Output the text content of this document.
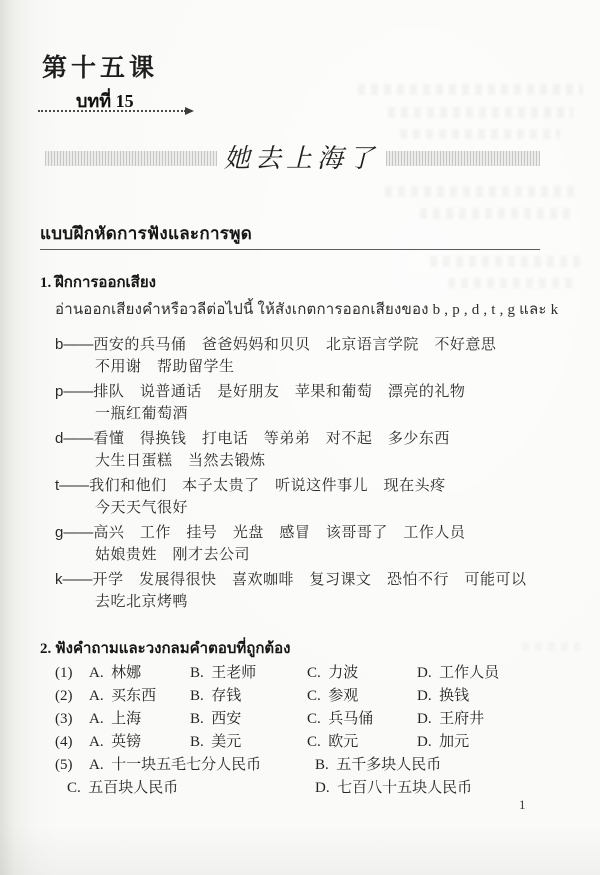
第十五课
บทที่ 15
她去上海了
แบบฝึกหัดการฟังและการพูด
1. ฝึกการออกเสียง
อ่านออกเสียงคำหรือวลีต่อไปนี้ ให้สังเกตการออกเสียงของ b , p , d , t , g และ k

b——西安的兵马俑　爸爸妈妈和贝贝　北京语言学院　不好意思
不用谢　帮助留学生

p——排队　说普通话　是好朋友　苹果和葡萄　漂亮的礼物
一瓶红葡萄酒

d——看懂　得换钱　打电话　等弟弟　对不起　多少东西
大生日蛋糕　当然去锻炼

t——我们和他们　本子太贵了　听说这件事儿　现在头疼
今天天气很好

g——高兴　工作　挂号　光盘　感冒　该哥哥了　工作人员
姑娘贵姓　刚才去公司

k——开学　发展得很快　喜欢咖啡　复习课文　恐怕不行　可能可以
去吃北京烤鸭

2. ฟังคำถามและวงกลมคำตอบที่ถูกต้อง
(1)	A.  林娜	B.  王老师	C.  力波	D.  工作人员
(2)	A.  买东西	B.  存钱	C.  参观	D.  换钱
(3)	A.  上海	B.  西安	C.  兵马俑	D.  王府井
(4)	A.  英镑	B.  美元	C.  欧元	D.  加元
(5)	A.  十一块五毛七分人民币	B.  五千多块人民币
C.  五百块人民币	D.  七百八十五块人民币
1
